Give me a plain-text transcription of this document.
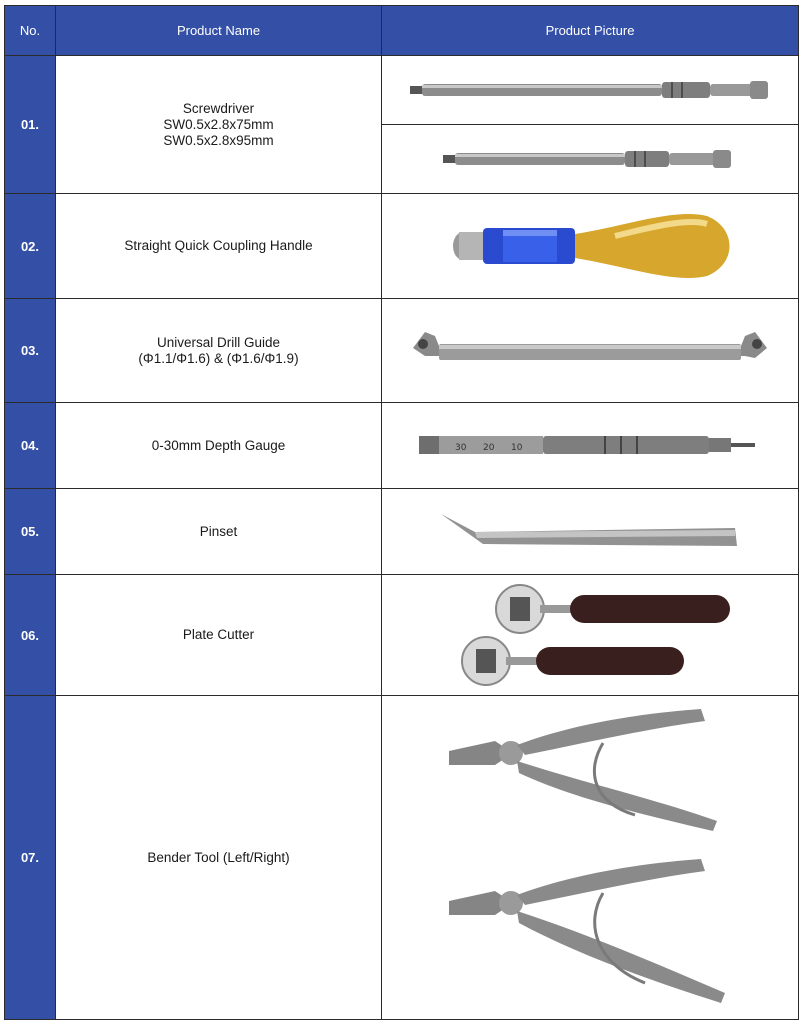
No.	Product Name	Product Picture
01.	Screwdriver
SW0.5x2.8x75mm
SW0.5x2.8x95mm

02.	Straight Quick Coupling Handle

03.	Universal Drill Guide
(Φ1.1/Φ1.6) & (Φ1.6/Φ1.9)

04.	0-30mm Depth Gauge	30 20 10

05.	Pinset

06.	Plate Cutter

07.	Bender Tool (Left/Right)
